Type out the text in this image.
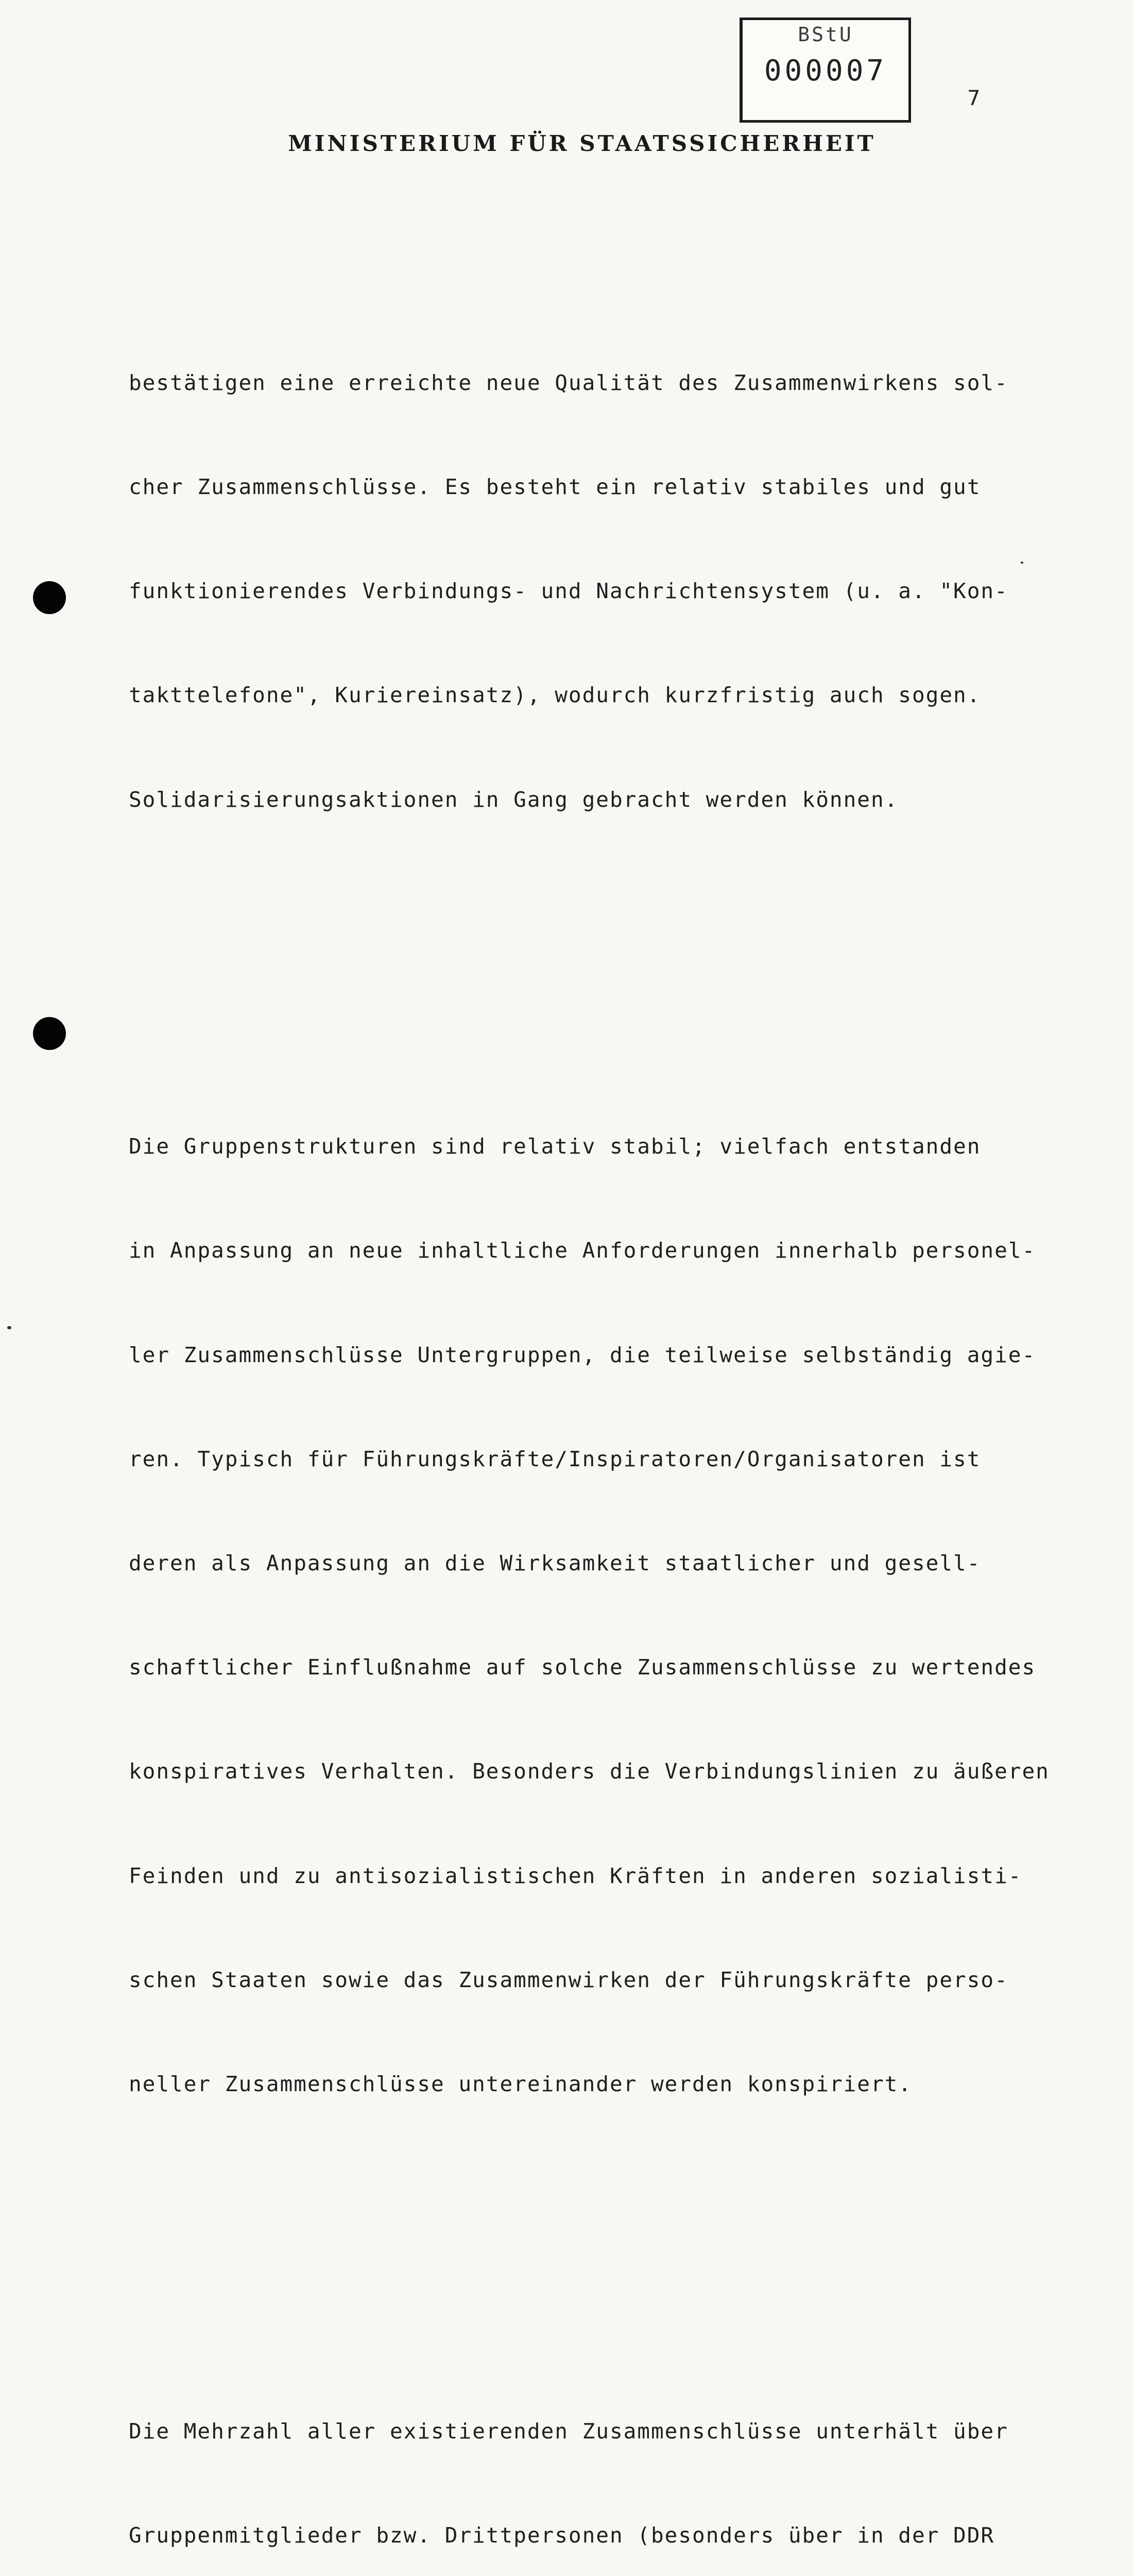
BStU
000007
7
MINISTERIUM FÜR STAATSSICHERHEIT

bestätigen eine erreichte neue Qualität des Zusammenwirkens sol-

cher Zusammenschlüsse. Es besteht ein relativ stabiles und gut

funktionierendes Verbindungs- und Nachrichtensystem (u. a. "Kon-

takttelefone", Kuriereinsatz), wodurch kurzfristig auch sogen.

Solidarisierungsaktionen in Gang gebracht werden können.

Die Gruppenstrukturen sind relativ stabil; vielfach entstanden

in Anpassung an neue inhaltliche Anforderungen innerhalb personel-

ler Zusammenschlüsse Untergruppen, die teilweise selbständig agie-

ren. Typisch für Führungskräfte/Inspiratoren/Organisatoren ist

deren als Anpassung an die Wirksamkeit staatlicher und gesell-

schaftlicher Einflußnahme auf solche Zusammenschlüsse zu wertendes

konspiratives Verhalten. Besonders die Verbindungslinien zu äußeren

Feinden und zu antisozialistischen Kräften in anderen sozialisti-

schen Staaten sowie das Zusammenwirken der Führungskräfte perso-

neller Zusammenschlüsse untereinander werden konspiriert.

Die Mehrzahl aller existierenden Zusammenschlüsse unterhält über

Gruppenmitglieder bzw. Drittpersonen (besonders über in der DDR
